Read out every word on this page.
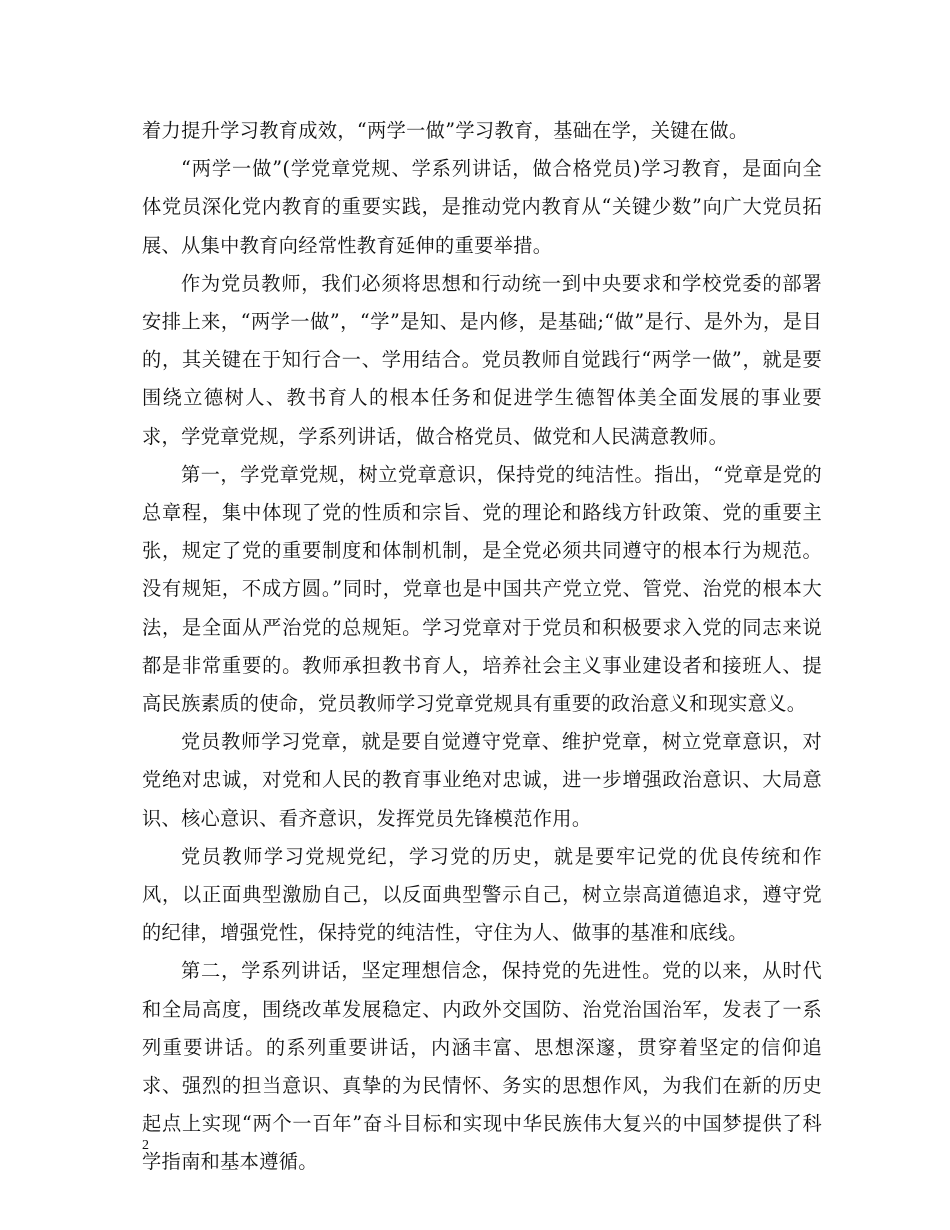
着力提升学习教育成效，“两学一做”学习教育，基础在学，关键在做。

“两学一做”(学党章党规、学系列讲话，做合格党员)学习教育，是面向全体党员深化党内教育的重要实践，是推动党内教育从“关键少数”向广大党员拓展、从集中教育向经常性教育延伸的重要举措。

作为党员教师，我们必须将思想和行动统一到中央要求和学校党委的部署安排上来，“两学一做”，“学”是知、是内修，是基础;“做”是行、是外为，是目的，其关键在于知行合一、学用结合。党员教师自觉践行“两学一做”，就是要围绕立德树人、教书育人的根本任务和促进学生德智体美全面发展的事业要求，学党章党规，学系列讲话，做合格党员、做党和人民满意教师。

第一，学党章党规，树立党章意识，保持党的纯洁性。指出，“党章是党的总章程，集中体现了党的性质和宗旨、党的理论和路线方针政策、党的重要主张，规定了党的重要制度和体制机制，是全党必须共同遵守的根本行为规范。没有规矩，不成方圆。”同时，党章也是中国共产党立党、管党、治党的根本大法，是全面从严治党的总规矩。学习党章对于党员和积极要求入党的同志来说都是非常重要的。教师承担教书育人，培养社会主义事业建设者和接班人、提高民族素质的使命，党员教师学习党章党规具有重要的政治意义和现实意义。

党员教师学习党章，就是要自觉遵守党章、维护党章，树立党章意识，对党绝对忠诚，对党和人民的教育事业绝对忠诚，进一步增强政治意识、大局意识、核心意识、看齐意识，发挥党员先锋模范作用。

党员教师学习党规党纪，学习党的历史，就是要牢记党的优良传统和作风，以正面典型激励自己，以反面典型警示自己，树立崇高道德追求，遵守党的纪律，增强党性，保持党的纯洁性，守住为人、做事的基准和底线。

第二，学系列讲话，坚定理想信念，保持党的先进性。党的以来，从时代和全局高度，围绕改革发展稳定、内政外交国防、治党治国治军，发表了一系列重要讲话。的系列重要讲话，内涵丰富、思想深邃，贯穿着坚定的信仰追求、强烈的担当意识、真挚的为民情怀、务实的思想作风，为我们在新的历史起点上实现“两个一百年”奋斗目标和实现中华民族伟大复兴的中国梦提供了科学指南和基本遵循。

2
